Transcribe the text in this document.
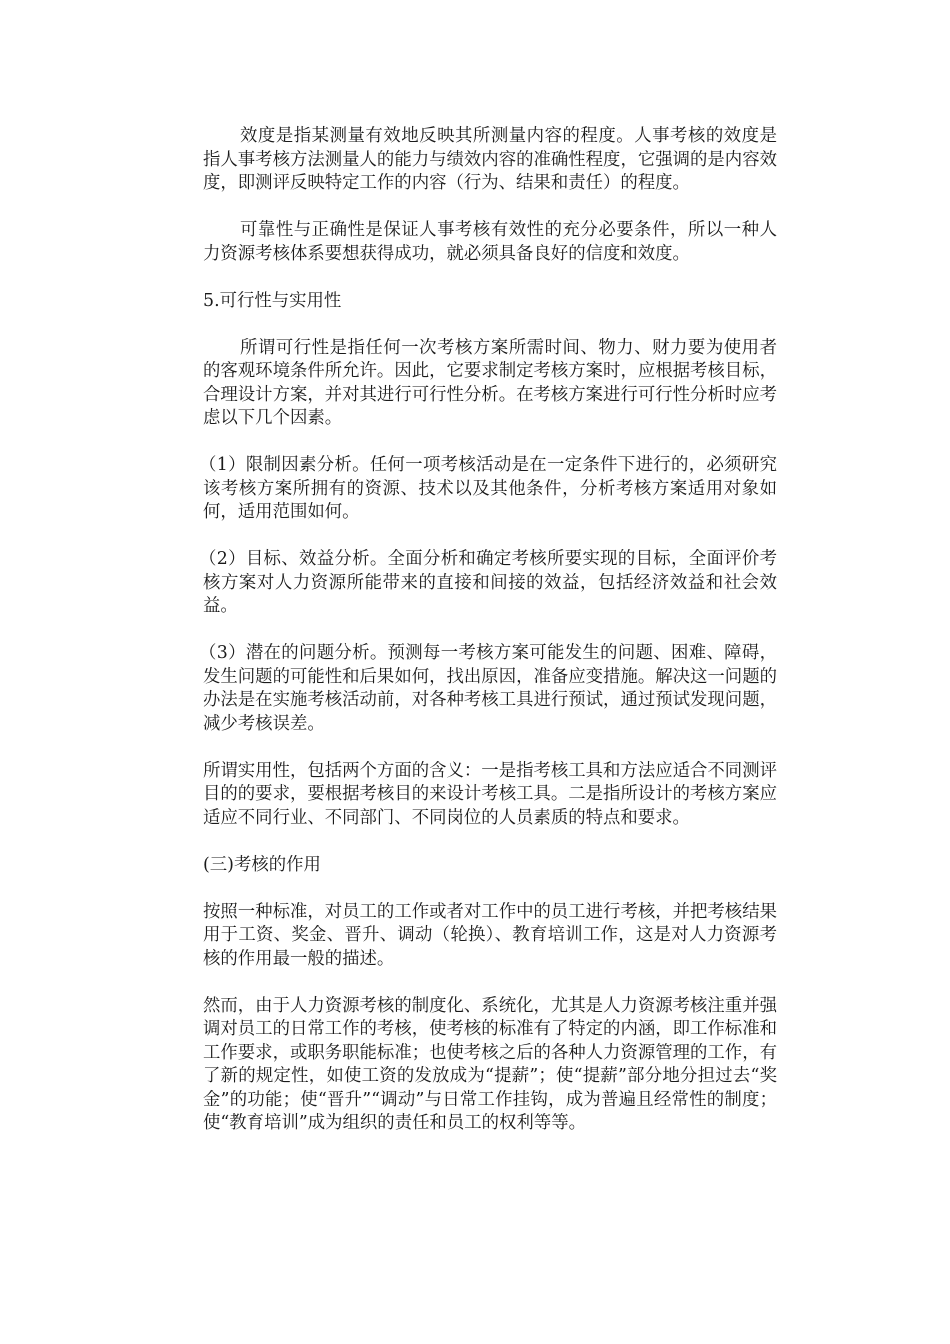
效度是指某测量有效地反映其所测量内容的程度。人事考核的效度是指人事考核方法测量人的能力与绩效内容的准确性程度，它强调的是内容效度，即测评反映特定工作的内容（行为、结果和责任）的程度。

可靠性与正确性是保证人事考核有效性的充分必要条件，所以一种人力资源考核体系要想获得成功，就必须具备良好的信度和效度。

5.可行性与实用性

所谓可行性是指任何一次考核方案所需时间、物力、财力要为使用者的客观环境条件所允许。因此，它要求制定考核方案时，应根据考核目标，合理设计方案，并对其进行可行性分析。在考核方案进行可行性分析时应考虑以下几个因素。

（1）限制因素分析。任何一项考核活动是在一定条件下进行的，必须研究该考核方案所拥有的资源、技术以及其他条件，分析考核方案适用对象如何，适用范围如何。

（2）目标、效益分析。全面分析和确定考核所要实现的目标，全面评价考核方案对人力资源所能带来的直接和间接的效益，包括经济效益和社会效益。

（3）潜在的问题分析。预测每一考核方案可能发生的问题、困难、障碍，发生问题的可能性和后果如何，找出原因，准备应变措施。解决这一问题的办法是在实施考核活动前，对各种考核工具进行预试，通过预试发现问题，减少考核误差。

所谓实用性，包括两个方面的含义：一是指考核工具和方法应适合不同测评目的的要求，要根据考核目的来设计考核工具。二是指所设计的考核方案应适应不同行业、不同部门、不同岗位的人员素质的特点和要求。

(三)考核的作用

按照一种标准，对员工的工作或者对工作中的员工进行考核，并把考核结果用于工资、奖金、晋升、调动（轮换）、教育培训工作，这是对人力资源考核的作用最一般的描述。

然而，由于人力资源考核的制度化、系统化，尤其是人力资源考核注重并强调对员工的日常工作的考核，使考核的标准有了特定的内涵，即工作标准和工作要求，或职务职能标准；也使考核之后的各种人力资源管理的工作，有了新的规定性，如使工资的发放成为“提薪”；使“提薪”部分地分担过去“奖金”的功能；使“晋升”“调动”与日常工作挂钩，成为普遍且经常性的制度；使“教育培训”成为组织的责任和员工的权利等等。
